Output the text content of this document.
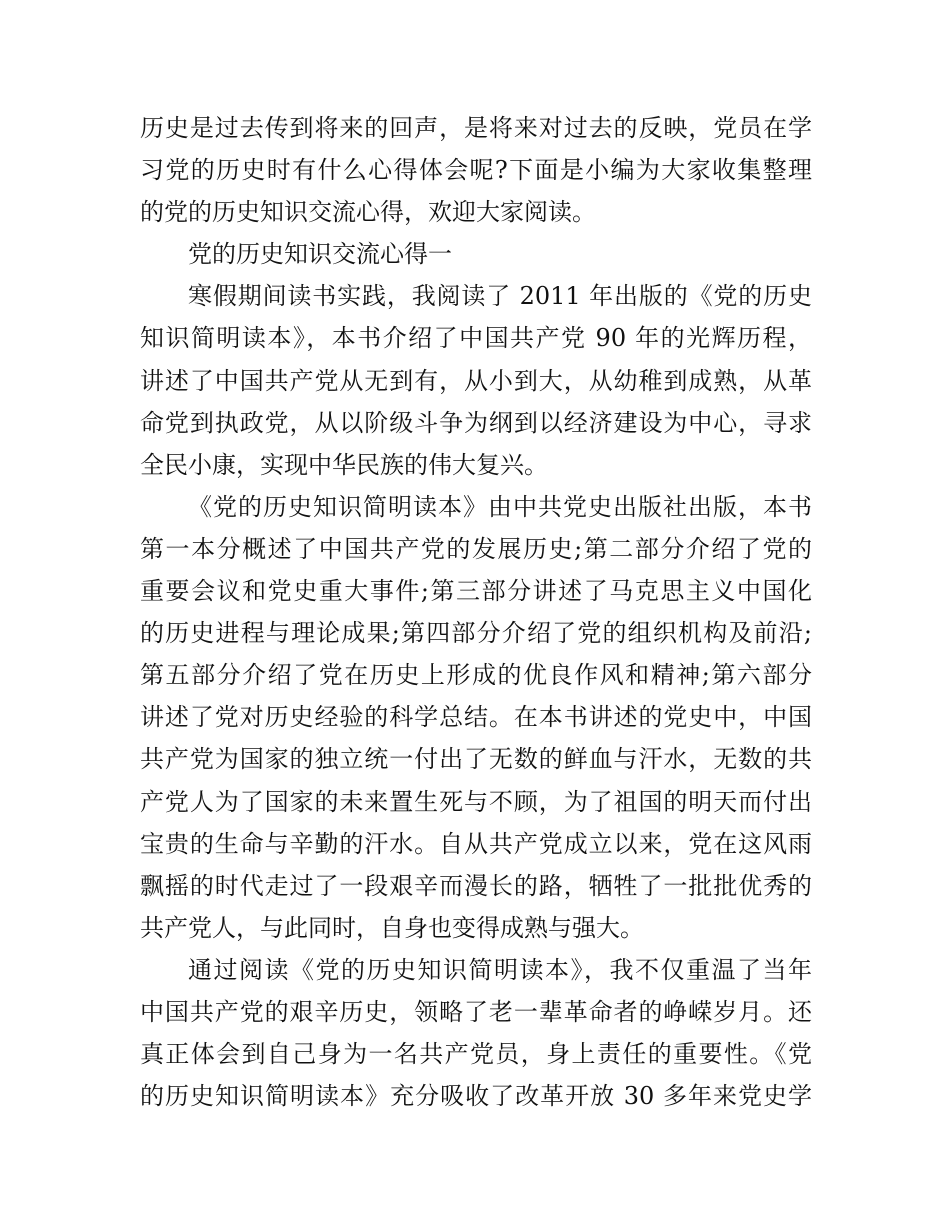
历史是过去传到将来的回声，是将来对过去的反映，党员在学
习党的历史时有什么心得体会呢?下面是小编为大家收集整理
的党的历史知识交流心得，欢迎大家阅读。
党的历史知识交流心得一
寒假期间读书实践，我阅读了 2011 年出版的《党的历史
知识简明读本》，本书介绍了中国共产党 90 年的光辉历程，
讲述了中国共产党从无到有，从小到大，从幼稚到成熟，从革
命党到执政党，从以阶级斗争为纲到以经济建设为中心，寻求
全民小康，实现中华民族的伟大复兴。
《党的历史知识简明读本》由中共党史出版社出版，本书
第一本分概述了中国共产党的发展历史;第二部分介绍了党的
重要会议和党史重大事件;第三部分讲述了马克思主义中国化
的历史进程与理论成果;第四部分介绍了党的组织机构及前沿;
第五部分介绍了党在历史上形成的优良作风和精神;第六部分
讲述了党对历史经验的科学总结。在本书讲述的党史中，中国
共产党为国家的独立统一付出了无数的鲜血与汗水，无数的共
产党人为了国家的未来置生死与不顾，为了祖国的明天而付出
宝贵的生命与辛勤的汗水。自从共产党成立以来，党在这风雨
飘摇的时代走过了一段艰辛而漫长的路，牺牲了一批批优秀的
共产党人，与此同时，自身也变得成熟与强大。
通过阅读《党的历史知识简明读本》，我不仅重温了当年
中国共产党的艰辛历史，领略了老一辈革命者的峥嵘岁月。还
真正体会到自己身为一名共产党员，身上责任的重要性。《党
的历史知识简明读本》充分吸收了改革开放 30 多年来党史学
